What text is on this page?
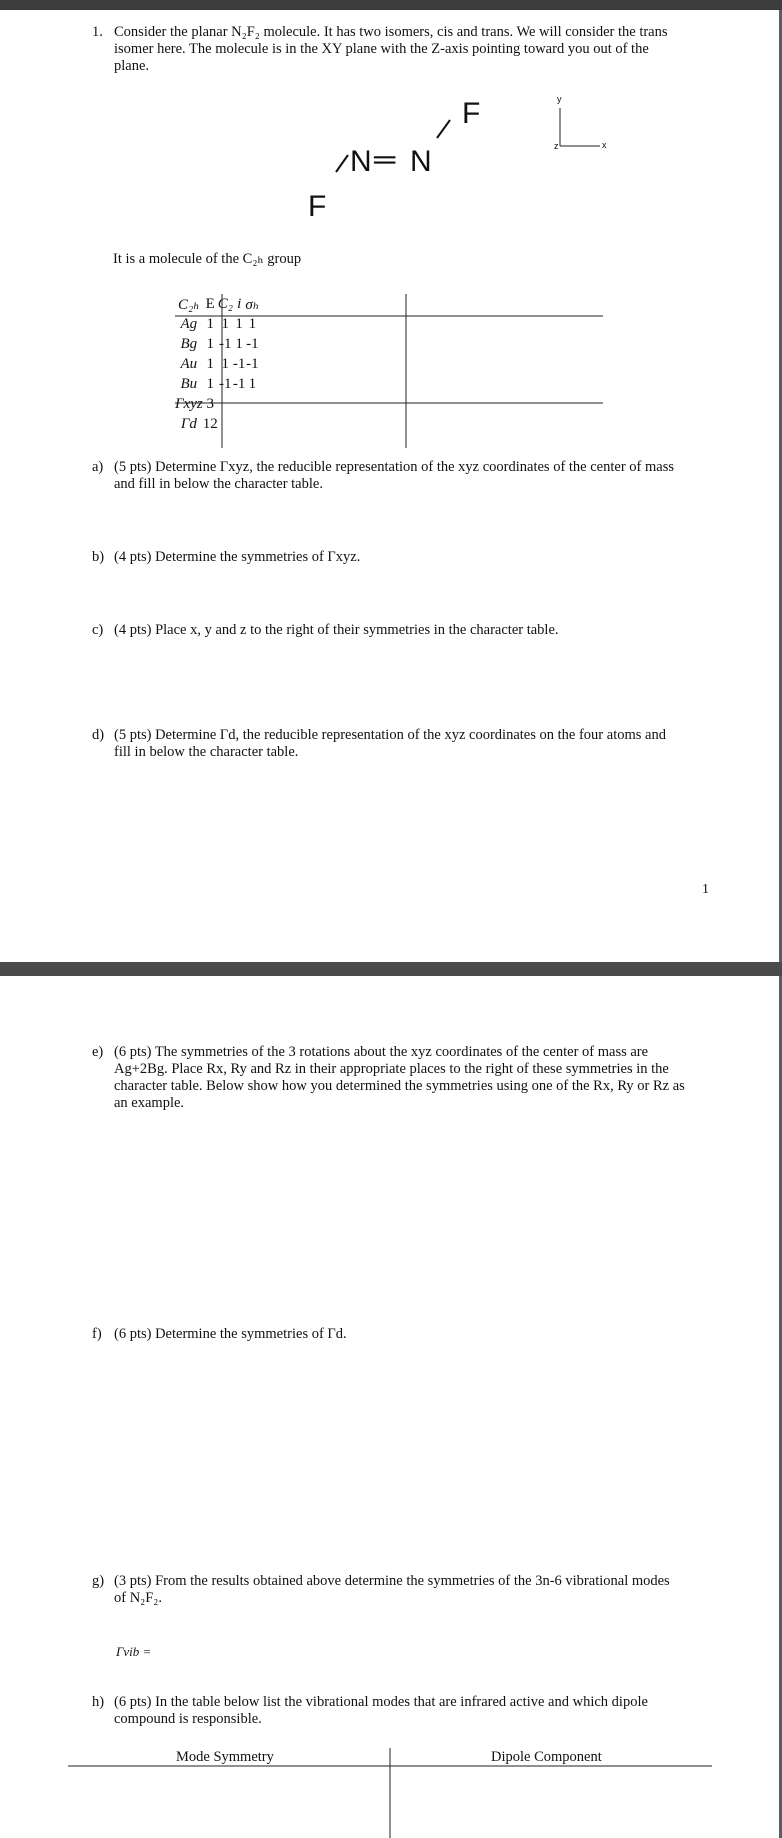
1. Consider the planar N₂F₂ molecule. It has two isomers, cis and trans. We will consider the trans
isomer here. The molecule is in the XY plane with the Z-axis pointing toward you out of the
plane.
N ═ N
F
F
y
x
z
It is a molecule of the C₂ₕ group
C₂ₕ	E	C₂	i	σₕ
Ag	1	1	1	1
Bg	1	-1	1	-1
Au	1	1	-1	-1
Bu	1	-1	-1	1
Γxyz	3			
Γd	12			
a) (5 pts) Determine Γxyz, the reducible representation of the xyz coordinates of the center of mass
and fill in below the character table.
b) (4 pts) Determine the symmetries of Γxyz.
c) (4 pts) Place x, y and z to the right of their symmetries in the character table.
d) (5 pts) Determine Γd, the reducible representation of the xyz coordinates on the four atoms and
fill in below the character table.
1
e) (6 pts) The symmetries of the 3 rotations about the xyz coordinates of the center of mass are
Ag+2Bg. Place Rx, Ry and Rz in their appropriate places to the right of these symmetries in the
character table. Below show how you determined the symmetries using one of the Rx, Ry or Rz as
an example.
f) (6 pts) Determine the symmetries of Γd.
g) (3 pts) From the results obtained above determine the symmetries of the 3n-6 vibrational modes
of N₂F₂.
Γvib =
h) (6 pts) In the table below list the vibrational modes that are infrared active and which dipole
compound is responsible.
Mode Symmetry	Dipole Component
